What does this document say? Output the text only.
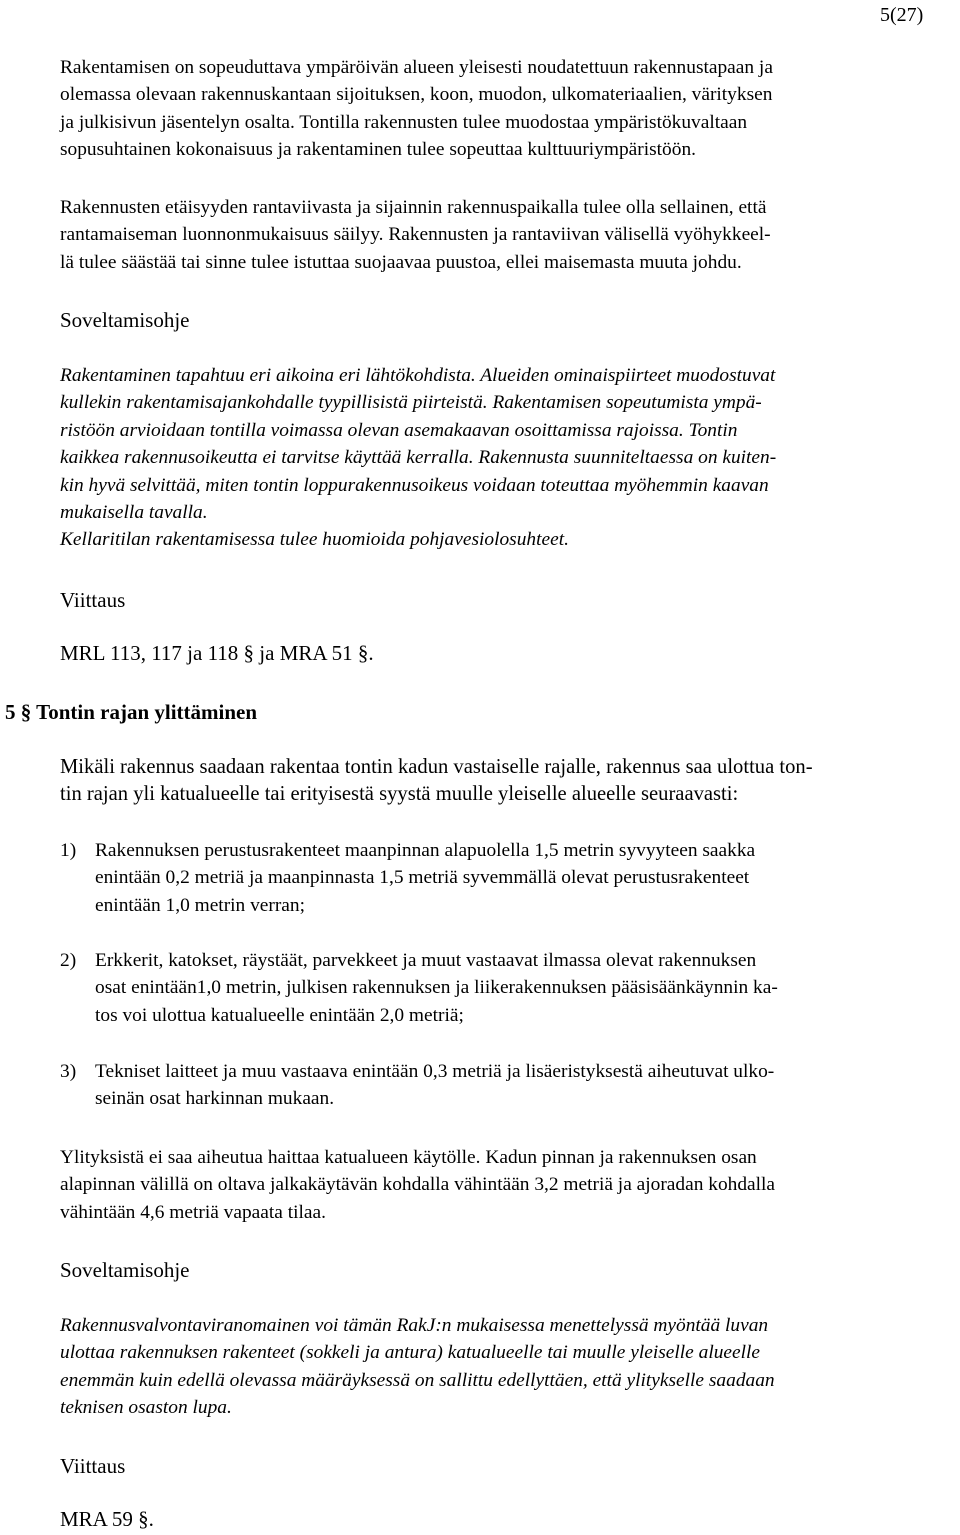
5(27)

Rakentamisen on sopeuduttava ympäröivän alueen yleisesti noudatettuun rakennustapaan ja

olemassa olevaan rakennuskantaan sijoituksen, koon, muodon, ulkomateriaalien, värityksen

ja julkisivun jäsentelyn osalta. Tontilla rakennusten tulee muodostaa ympäristökuvaltaan

sopusuhtainen kokonaisuus ja rakentaminen tulee sopeuttaa kulttuuriympäristöön.

Rakennusten etäisyyden rantaviivasta ja sijainnin rakennuspaikalla tulee olla sellainen, että

rantamaiseman luonnonmukaisuus säilyy. Rakennusten ja rantaviivan välisellä vyöhykkeel-

lä tulee säästää tai sinne tulee istuttaa suojaavaa puustoa, ellei maisemasta muuta johdu.

Soveltamisohje

Rakentaminen tapahtuu eri aikoina eri lähtökohdista. Alueiden ominaispiirteet muodostuvat

kullekin rakentamisajankohdalle tyypillisistä piirteistä. Rakentamisen sopeutumista ympä-

ristöön arvioidaan tontilla voimassa olevan asemakaavan osoittamissa rajoissa. Tontin

kaikkea rakennusoikeutta ei tarvitse käyttää kerralla. Rakennusta suunniteltaessa on kuiten-

kin hyvä selvittää, miten tontin loppurakennusoikeus voidaan toteuttaa myöhemmin kaavan

mukaisella tavalla.

Kellaritilan rakentamisessa tulee huomioida pohjavesiolosuhteet.

Viittaus
MRL 113, 117 ja 118 § ja MRA 51 §.
5 § Tontin rajan ylittäminen

Mikäli rakennus saadaan rakentaa tontin kadun vastaiselle rajalle, rakennus saa ulottua ton-

tin rajan yli katualueelle tai erityisestä syystä muulle yleiselle alueelle seuraavasti:

1) Rakennuksen perustusrakenteet maanpinnan alapuolella 1,5 metrin syvyyteen saakka

enintään 0,2 metriä ja maanpinnasta 1,5 metriä syvemmällä olevat perustusrakenteet

enintään 1,0 metrin verran;

2) Erkkerit, katokset, räystäät, parvekkeet ja muut vastaavat ilmassa olevat rakennuksen

osat enintään1,0 metrin, julkisen rakennuksen ja liikerakennuksen pääsisäänkäynnin ka-

tos voi ulottua katualueelle enintään 2,0 metriä;

3) Tekniset laitteet ja muu vastaava enintään 0,3 metriä ja lisäeristyksestä aiheutuvat ulko-

seinän osat harkinnan mukaan.

Ylityksistä ei saa aiheutua haittaa katualueen käytölle. Kadun pinnan ja rakennuksen osan

alapinnan välillä on oltava jalkakäytävän kohdalla vähintään 3,2 metriä ja ajoradan kohdalla

vähintään 4,6 metriä vapaata tilaa.

Soveltamisohje

Rakennusvalvontaviranomainen voi tämän RakJ:n mukaisessa menettelyssä myöntää luvan

ulottaa rakennuksen rakenteet (sokkeli ja antura) katualueelle tai muulle yleiselle alueelle

enemmän kuin edellä olevassa määräyksessä on sallittu edellyttäen, että ylitykselle saadaan

teknisen osaston lupa.

Viittaus
MRA 59 §.
